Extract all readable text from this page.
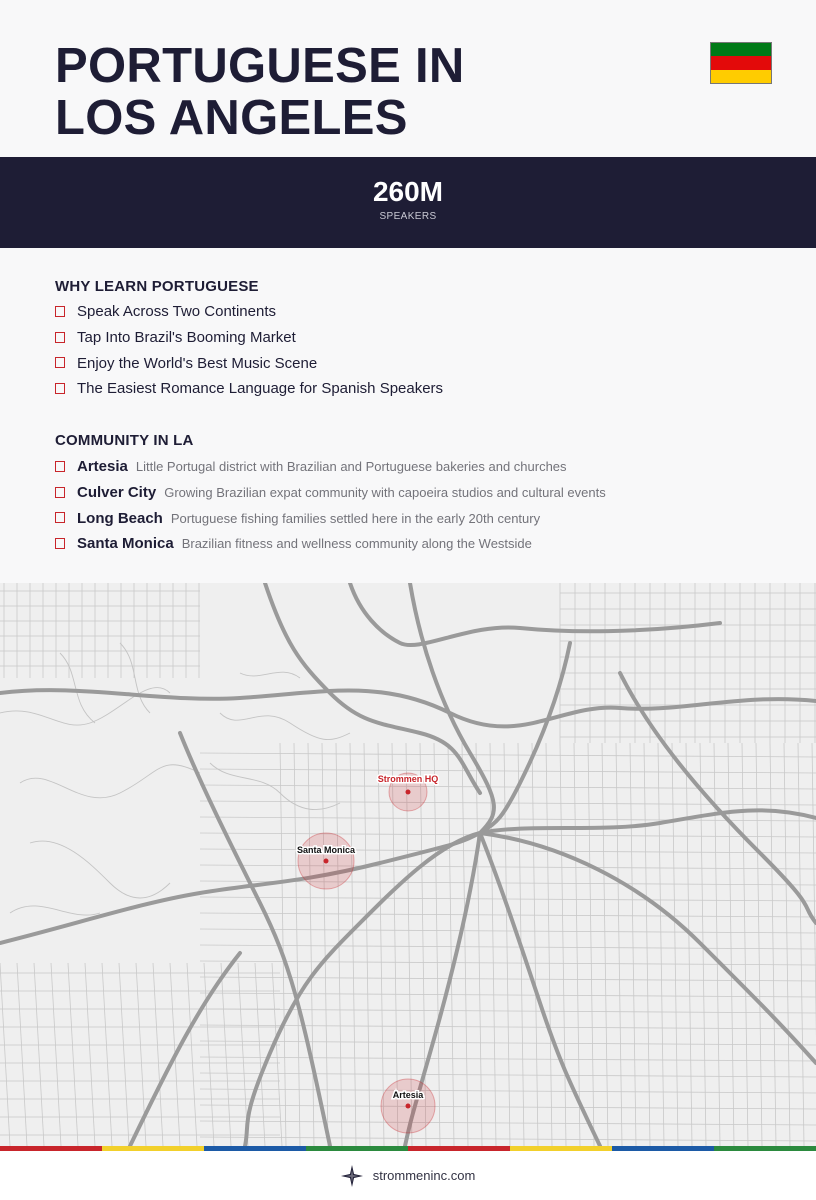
PORTUGUESE IN
LOS ANGELES
260M
SPEAKERS
WHY LEARN PORTUGUESE
Speak Across Two Continents
Tap Into Brazil's Booming Market
Enjoy the World's Best Music Scene
The Easiest Romance Language for Spanish Speakers
COMMUNITY IN LA
Artesia Little Portugal district with Brazilian and Portuguese bakeries and churches
Culver City Growing Brazilian expat community with capoeira studios and cultural events
Long Beach Portuguese fishing families settled here in the early 20th century
Santa Monica Brazilian fitness and wellness community along the Westside
Strommen HQ
Santa Monica
Artesia
strommeninc.com
